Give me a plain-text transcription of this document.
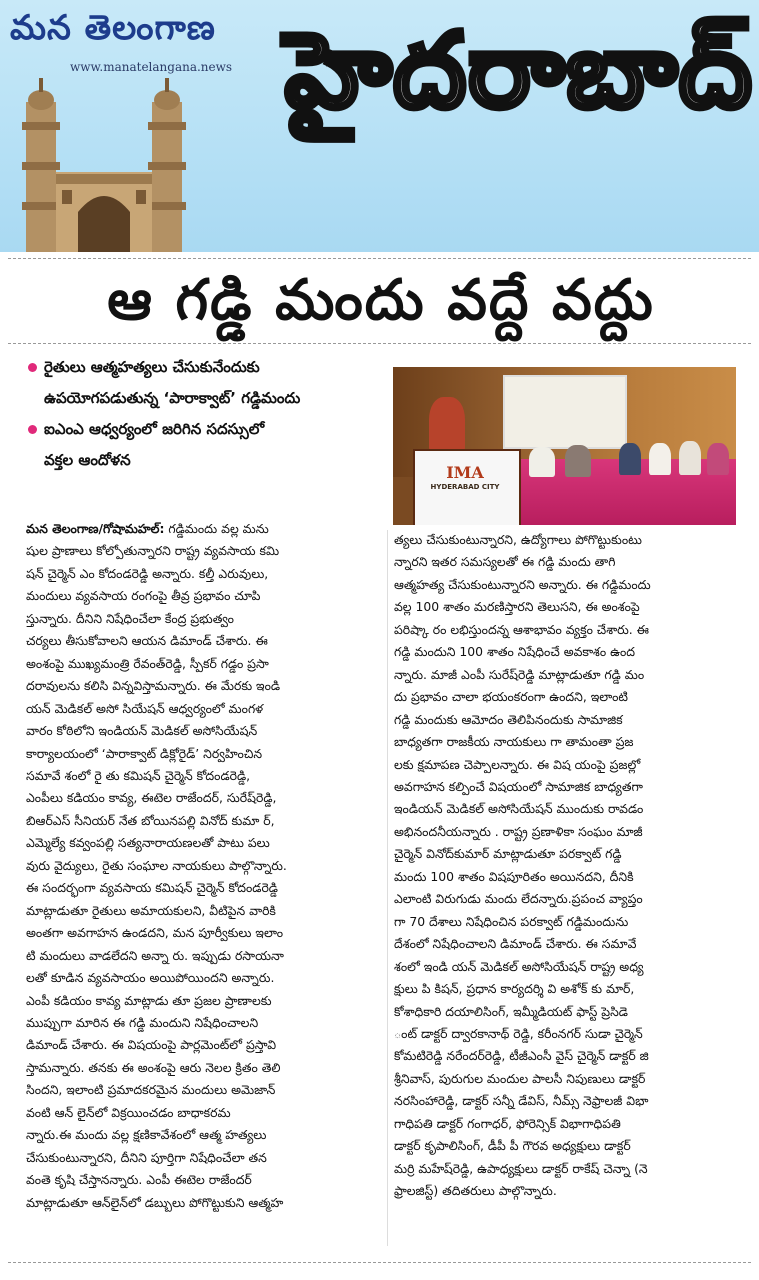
మన తెలంగాణ
www.manatelangana.news హైదరాబాద్
ఆ గడ్డి మందు వద్దే వద్దు
రైతులు ఆత్మహత్యలు చేసుకునేందుకు
ఉపయోగపడుతున్న ‘పారాక్వాట్’ గడ్డిమందు
ఐఎంఎ ఆధ్వర్యంలో జరిగిన సదస్సులో
వక్తల ఆందోళన
IMA
HYDERABAD CITY
మన తెలంగాణ/గోషామహల్: గడ్డిమందు వల్ల మను
షుల ప్రాణాలు కోల్పోతున్నారని రాష్ట్ర వ్యవసాయ కమి
షన్ చైర్మెన్ ఎం కోదండరెడ్డి అన్నారు. కల్తీ ఎరువులు,
మందులు వ్యవసాయ రంగంపై తీవ్ర ప్రభావం చూపి
స్తున్నారు. దీనిని నిషేధించేలా కేంద్ర ప్రభుత్వం
చర్యలు తీసుకోవాలని ఆయన డిమాండ్ చేశారు. ఈ
అంశంపై ముఖ్యమంత్రి రేవంత్‌రెడ్డి, స్పీకర్ గడ్డం ప్రసా
దరావులను కలిసి విన్నవిస్తామన్నారు. ఈ మేరకు ఇండి
యన్ మెడికల్ అసో సియేషన్ ఆధ్వర్యంలో మంగళ
వారం కోఠిలోని ఇండియన్ మెడికల్ అసోసియేషన్
కార్యాలయంలో ‘పారాక్వాట్ డిక్లోరైడ్’ నిర్వహించిన
సమావే శంలో రై తు కమిషన్ చైర్మెన్ కోదండరెడ్డి,
ఎంపీలు కడియం కావ్య, ఈటెల రాజేందర్, సురేష్‌రెడ్డి,
బిఆర్ఎస్ సీనియర్ నేత బోయినపల్లి వినోద్ కుమా ర్,
ఎమ్మెల్యే కవ్వంపల్లి సత్యనారాయణలతో పాటు పలు
వురు వైద్యులు, రైతు సంఘాల నాయకులు పాల్గొన్నారు.
ఈ సందర్భంగా వ్యవసాయ కమిషన్ చైర్మెన్ కోదండరెడ్డి
మాట్లాడుతూ రైతులు అమాయకులని, వీటిపైన వారికి
అంతగా అవగాహన ఉండదని, మన పూర్వీకులు ఇలాం
టి మందులు వాడలేదని అన్నా రు. ఇప్పుడు రసాయనా
లతో కూడిన వ్యవసాయం అయిపోయిందని అన్నారు.
ఎంపీ కడియం కావ్య మాట్లాడు తూ ప్రజల ప్రాణాలకు
ముప్పుగా మారిన ఈ గడ్డి మందుని నిషేధించాలని
డిమాండ్ చేశారు. ఈ విషయంపై పార్లమెంట్‌లో ప్రస్తావి
స్తామన్నారు. తనకు ఈ అంశంపై ఆరు నెలల క్రితం తెలి
సిందని, ఇలాంటి ప్రమాదకరమైన మందులు అమెజాన్
వంటి ఆన్ లైన్‌లో విక్రయించడం బాధాకరమ
న్నారు.ఈ మందు వల్ల క్షణికావేశంలో ఆత్మ హత్యలు
చేసుకుంటున్నారని, దీనిని పూర్తిగా నిషేధించేలా తన
వంతె కృషి చేస్తానన్నారు. ఎంపీ ఈటెల రాజేందర్
మాట్లాడుతూ ఆన్‌లైన్‌లో డబ్బులు పోగొట్టుకుని ఆత్మహ
త్యలు చేసుకుంటున్నారని, ఉద్యోగాలు పోగొట్టుకుంటు
న్నారని ఇతర సమస్యలతో ఈ గడ్డి మందు తాగి
ఆత్మహత్య చేసుకుంటున్నారని అన్నారు. ఈ గడ్డిమందు
వల్ల 100 శాతం మరణిస్తారని తెలుసని, ఈ అంశంపై
పరిష్కా రం లభిస్తుందన్న ఆశాభావం వ్యక్తం చేశారు. ఈ
గడ్డి మందుని 100 శాతం నిషేధించే అవకాశం ఉంద
న్నారు. మాజీ ఎంపీ సురేష్‌రెడ్డి మాట్లాడుతూ గడ్డి మం
దు ప్రభావం చాలా భయంకరంగా ఉందని, ఇలాంటి
గడ్డి మందుకు ఆమోదం తెలిపినందుకు సామాజిక
బాధ్యతగా రాజకీయ నాయకులు గా తామంతా ప్రజ
లకు క్షమాపణ చెప్పాలన్నారు. ఈ విష యంపై ప్రజల్లో
అవగాహన కల్పించే విషయంలో సామాజిక బాధ్యతగా
ఇండియన్ మెడికల్ అసోసియేషన్ ముందుకు రావడం
అభినందనీయన్నారు . రాష్ట్ర ప్రణాళికా సంఘం మాజీ
చైర్మెన్ వినోద్‌కుమార్ మాట్లాడుతూ పరక్వాట్ గడ్డి
మందు 100 శాతం విషపూరితం అయినదని, దీనికి
ఎలాంటి విరుగుడు మందు లేదన్నారు.ప్రపంచ వ్యాప్తం
గా 70 దేశాలు నిషేధించిన పరక్వాట్ గడ్డిమందును
దేశంలో నిషేధించాలని డిమాండ్ చేశారు. ఈ సమావే
శంలో ఇండి యన్ మెడికల్ అసోసియేషన్ రాష్ట్ర అధ్య
క్షులు పి కిషన్, ప్రధాన కార్యదర్శి వి అశోక్ కు మార్,
కోశాధికారి దయాలిసింగ్, ఇమ్మీడియట్ ఫాస్ట్ ప్రెసిడె
ంట్ డాక్టర్ ద్వారకానాథ్ రెడ్డి, కరీంనగర్ సుడా చైర్మెన్
కోమటిరెడ్డి నరేందర్‌రెడ్డి, టీజీఎంసీ వైస్ చైర్మెన్ డాక్టర్ జి
శ్రీనివాస్, పురుగుల మందుల పాలసీ నిపుణులు డాక్టర్
నరసింహారెడ్డి, డాక్టర్ సన్నీ డేవిస్, నీమ్స్ నెఫ్రాలజీ విభా
గాధిపతి డాక్టర్ గంగాధర్, ఫోరెన్సిక్ విభాగాధిపతి
డాక్టర్ కృపాలిసింగ్, డీపీ పీ గౌరవ అధ్యక్షులు డాక్టర్
మర్రి మహేష్‌రెడ్డి, ఉపాధ్యక్షులు డాక్టర్ రాకేష్ చెన్నా (నె
ఫ్రాలజిస్ట్) తదితరులు పాల్గొన్నారు.
